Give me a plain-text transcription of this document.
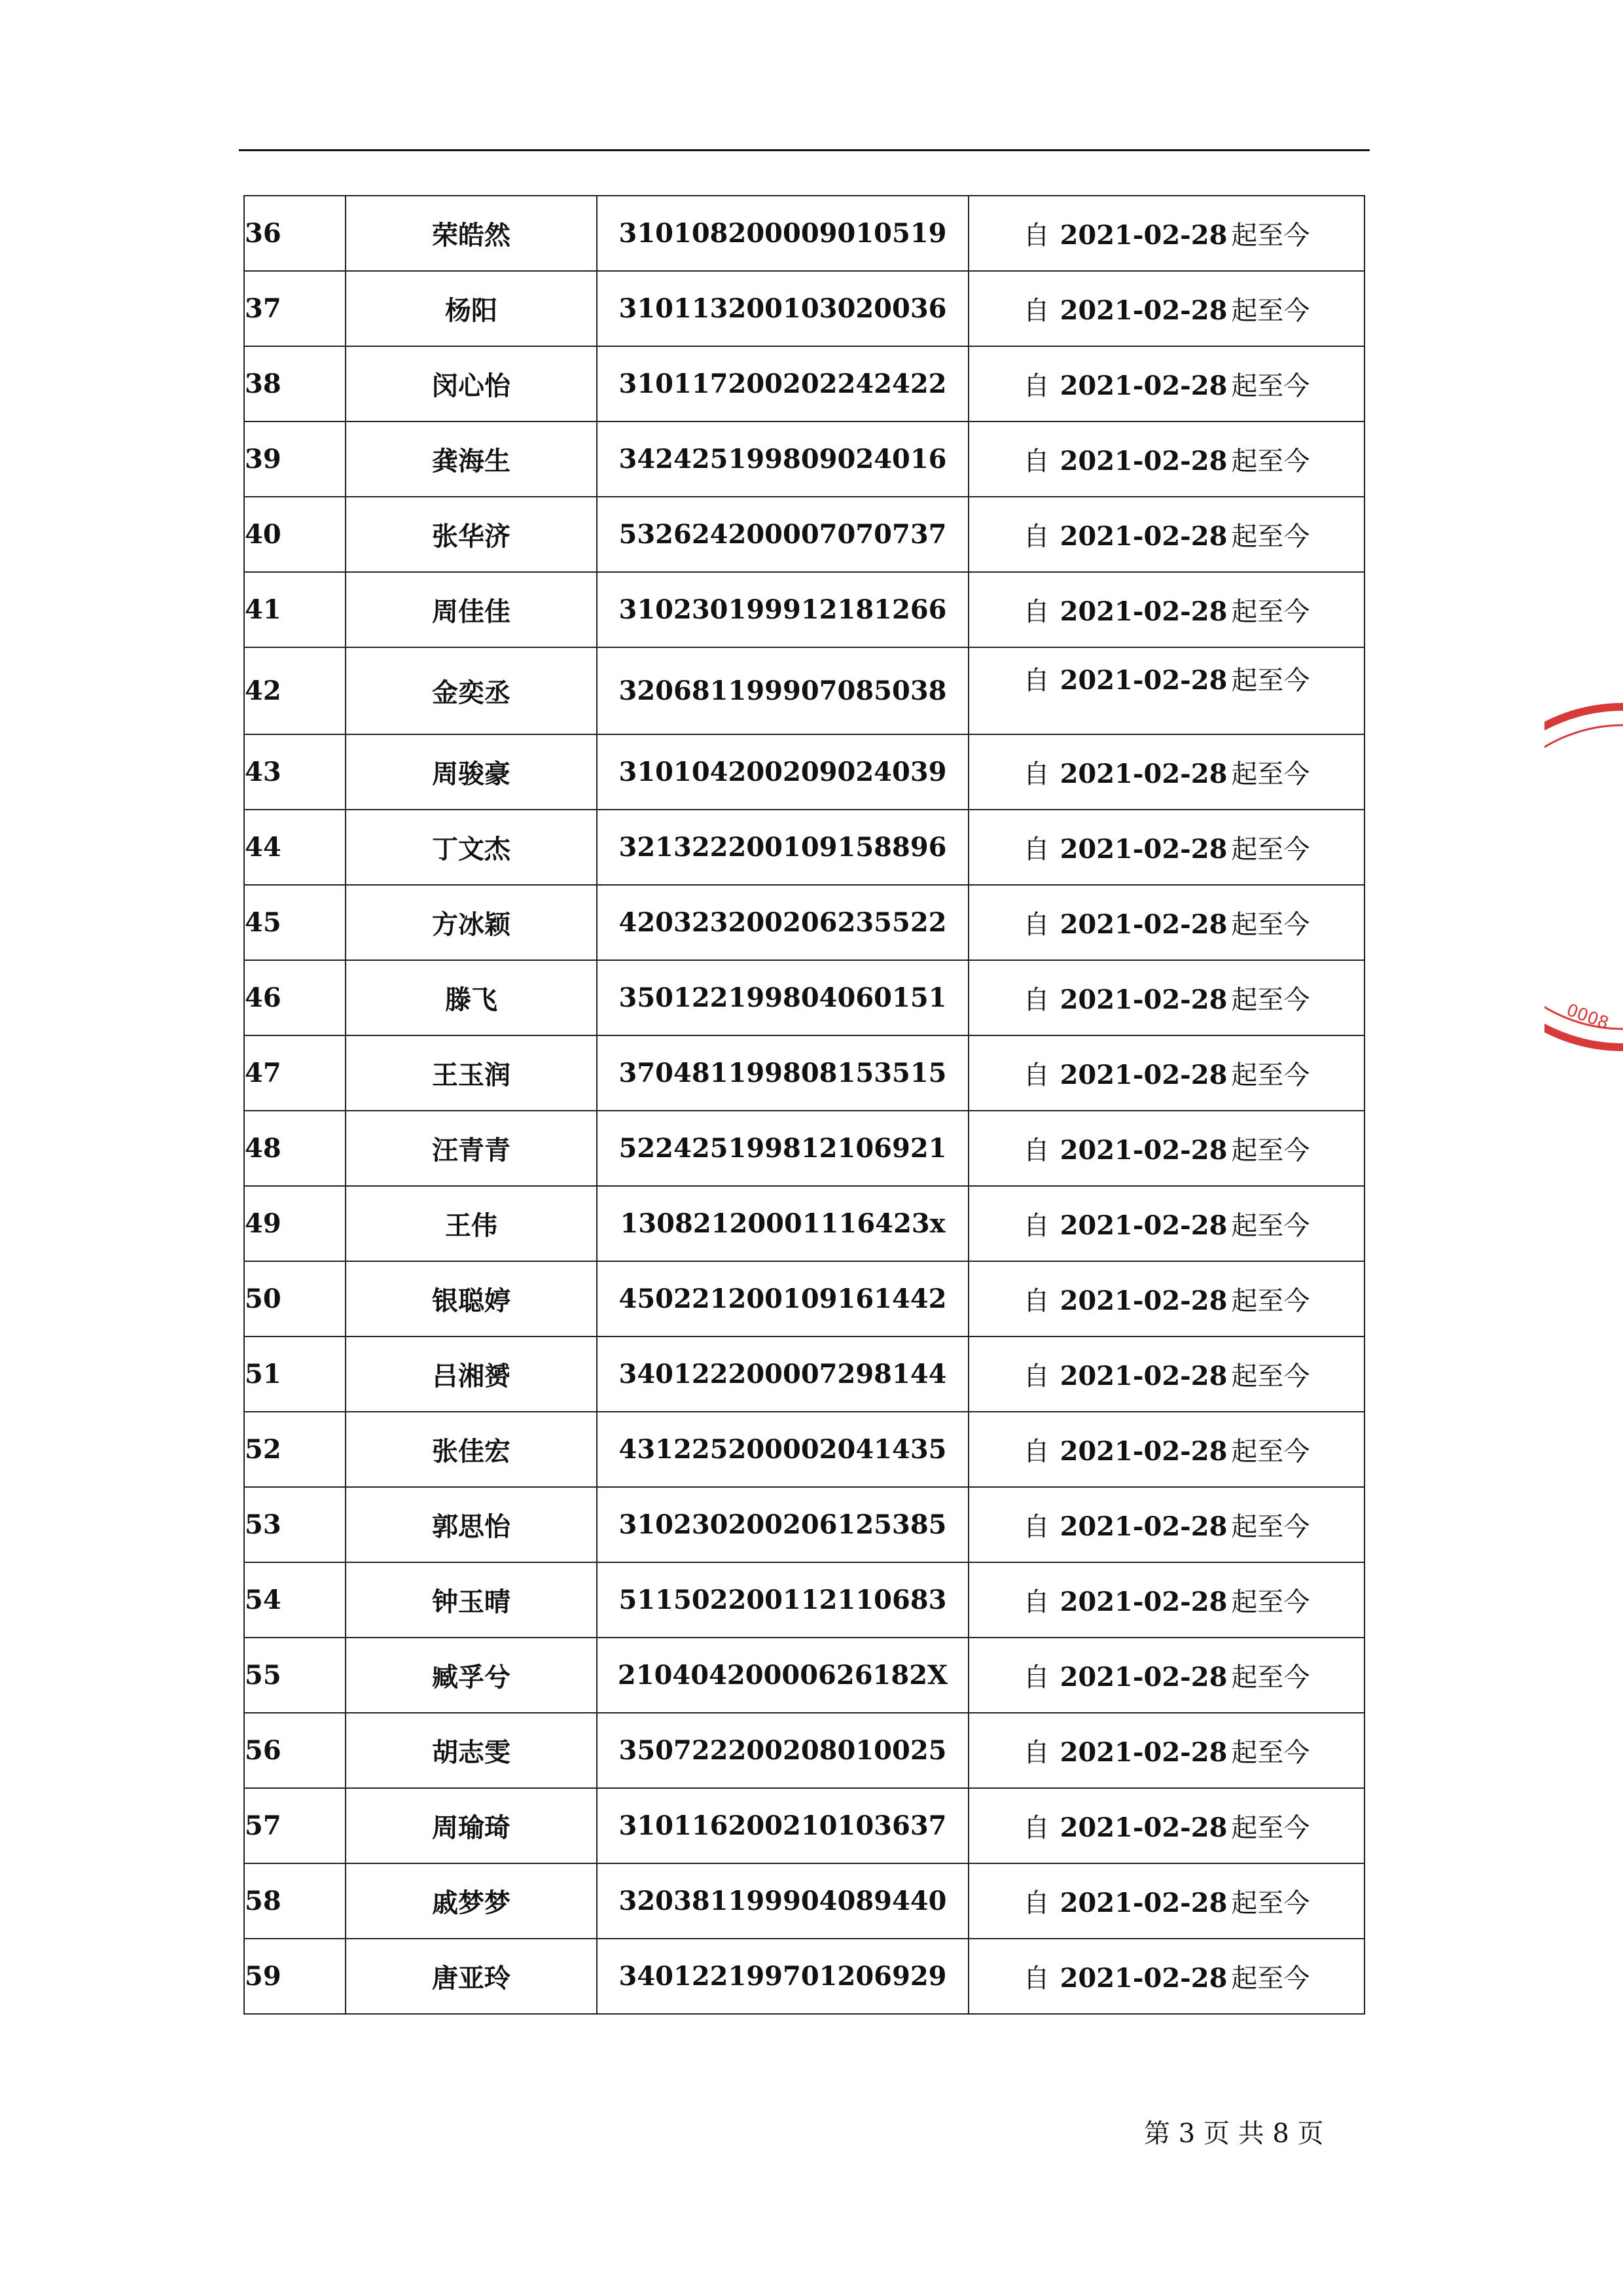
36	荣皓然	310108200009010519	自 2021-02-28 起至今
37	杨阳	310113200103020036	自 2021-02-28 起至今
38	闵心怡	310117200202242422	自 2021-02-28 起至今
39	龚海生	342425199809024016	自 2021-02-28 起至今
40	张华济	532624200007070737	自 2021-02-28 起至今
41	周佳佳	310230199912181266	自 2021-02-28 起至今
42	金奕丞	320681199907085038	自 2021-02-28 起至今
43	周骏豪	310104200209024039	自 2021-02-28 起至今
44	丁文杰	321322200109158896	自 2021-02-28 起至今
45	方冰颖	420323200206235522	自 2021-02-28 起至今
46	滕飞	350122199804060151	自 2021-02-28 起至今
47	王玉润	370481199808153515	自 2021-02-28 起至今
48	汪青青	522425199812106921	自 2021-02-28 起至今
49	王伟	13082120001116423x	自 2021-02-28 起至今
50	银聪婷	450221200109161442	自 2021-02-28 起至今
51	吕湘赟	340122200007298144	自 2021-02-28 起至今
52	张佳宏	431225200002041435	自 2021-02-28 起至今
53	郭思怡	310230200206125385	自 2021-02-28 起至今
54	钟玉晴	511502200112110683	自 2021-02-28 起至今
55	臧孚兮	21040420000626182X	自 2021-02-28 起至今
56	胡志雯	350722200208010025	自 2021-02-28 起至今
57	周瑜琦	310116200210103637	自 2021-02-28 起至今
58	戚梦梦	320381199904089440	自 2021-02-28 起至今
59	唐亚玲	340122199701206929	自 2021-02-28 起至今
第 3 页 共 8 页
0008
